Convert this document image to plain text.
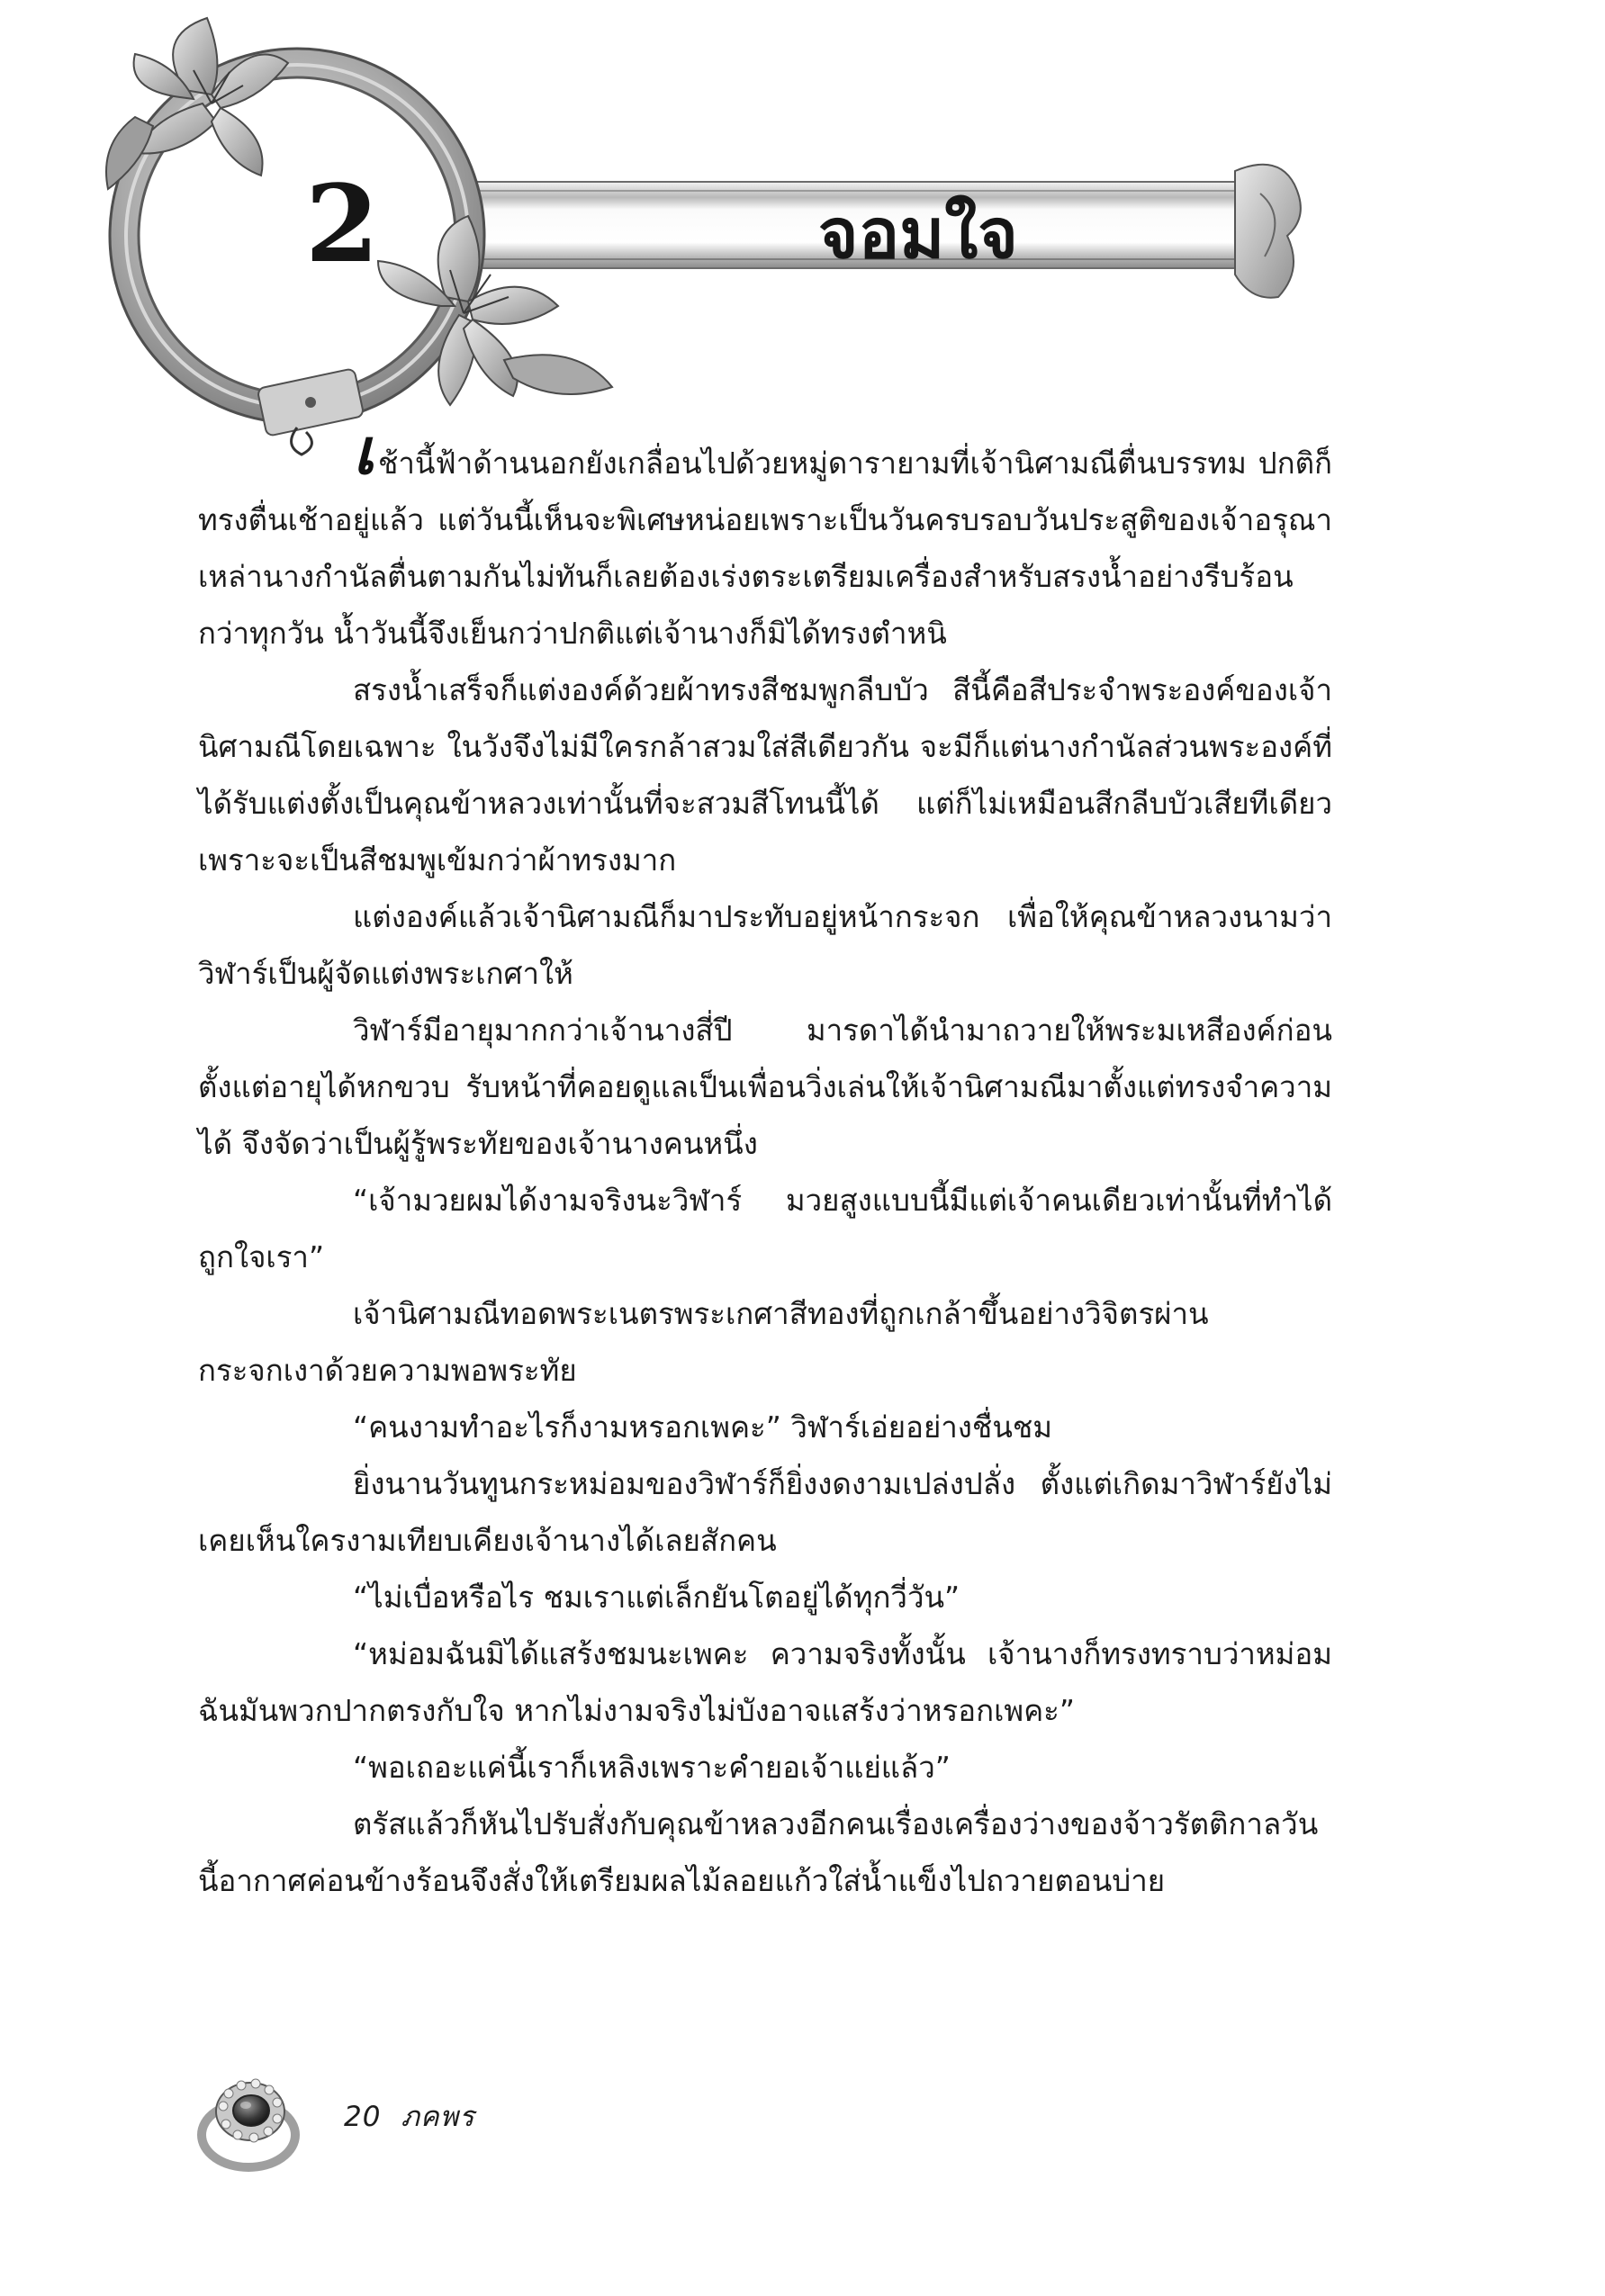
2	จอมใจ

เช้านี้ฟ้าด้านนอกยังเกลื่อนไปด้วยหมู่ดารายามที่เจ้านิศามณีตื่นบรรทม ปกติก็ทรงตื่นเช้าอยู่แล้ว แต่วันนี้เห็นจะพิเศษหน่อยเพราะเป็นวันครบรอบวันประสูติของเจ้าอรุณา เหล่านางกำนัลตื่นตามกันไม่ทันก็เลยต้องเร่งตระเตรียมเครื่องสำหรับสรงน้ำอย่างรีบร้อนกว่าทุกวัน น้ำวันนี้จึงเย็นกว่าปกติแต่เจ้านางก็มิได้ทรงตำหนิ

สรงน้ำเสร็จก็แต่งองค์ด้วยผ้าทรงสีชมพูกลีบบัว สีนี้คือสีประจำพระองค์ของเจ้านิศามณีโดยเฉพาะ ในวังจึงไม่มีใครกล้าสวมใส่สีเดียวกัน จะมีก็แต่นางกำนัลส่วนพระองค์ที่ได้รับแต่งตั้งเป็นคุณข้าหลวงเท่านั้นที่จะสวมสีโทนนี้ได้ แต่ก็ไม่เหมือนสีกลีบบัวเสียทีเดียวเพราะจะเป็นสีชมพูเข้มกว่าผ้าทรงมาก

แต่งองค์แล้วเจ้านิศามณีก็มาประทับอยู่หน้ากระจก เพื่อให้คุณข้าหลวงนามว่าวิฬาร์เป็นผู้จัดแต่งพระเกศาให้

วิฬาร์มีอายุมากกว่าเจ้านางสี่ปี มารดาได้นำมาถวายให้พระมเหสีองค์ก่อนตั้งแต่อายุได้หกขวบ รับหน้าที่คอยดูแลเป็นเพื่อนวิ่งเล่นให้เจ้านิศามณีมาตั้งแต่ทรงจำความได้ จึงจัดว่าเป็นผู้รู้พระทัยของเจ้านางคนหนึ่ง

“เจ้ามวยผมได้งามจริงนะวิฬาร์ มวยสูงแบบนี้มีแต่เจ้าคนเดียวเท่านั้นที่ทำได้ถูกใจเรา”

เจ้านิศามณีทอดพระเนตรพระเกศาสีทองที่ถูกเกล้าขึ้นอย่างวิจิตรผ่านกระจกเงาด้วยความพอพระทัย

“คนงามทำอะไรก็งามหรอกเพคะ” วิฬาร์เอ่ยอย่างชื่นชม

ยิ่งนานวันทูนกระหม่อมของวิฬาร์ก็ยิ่งงดงามเปล่งปลั่ง ตั้งแต่เกิดมาวิฬาร์ยังไม่เคยเห็นใครงามเทียบเคียงเจ้านางได้เลยสักคน

“ไม่เบื่อหรือไร ชมเราแต่เล็กยันโตอยู่ได้ทุกวี่วัน”

“หม่อมฉันมิได้แสร้งชมนะเพคะ ความจริงทั้งนั้น เจ้านางก็ทรงทราบว่าหม่อมฉันมันพวกปากตรงกับใจ หากไม่งามจริงไม่บังอาจแสร้งว่าหรอกเพคะ”

“พอเถอะแค่นี้เราก็เหลิงเพราะคำยอเจ้าแย่แล้ว”

ตรัสแล้วก็หันไปรับสั่งกับคุณข้าหลวงอีกคนเรื่องเครื่องว่างของจ้าวรัตติกาลวันนี้อากาศค่อนข้างร้อนจึงสั่งให้เตรียมผลไม้ลอยแก้วใส่น้ำแข็งไปถวายตอนบ่าย

20 ภคพร
